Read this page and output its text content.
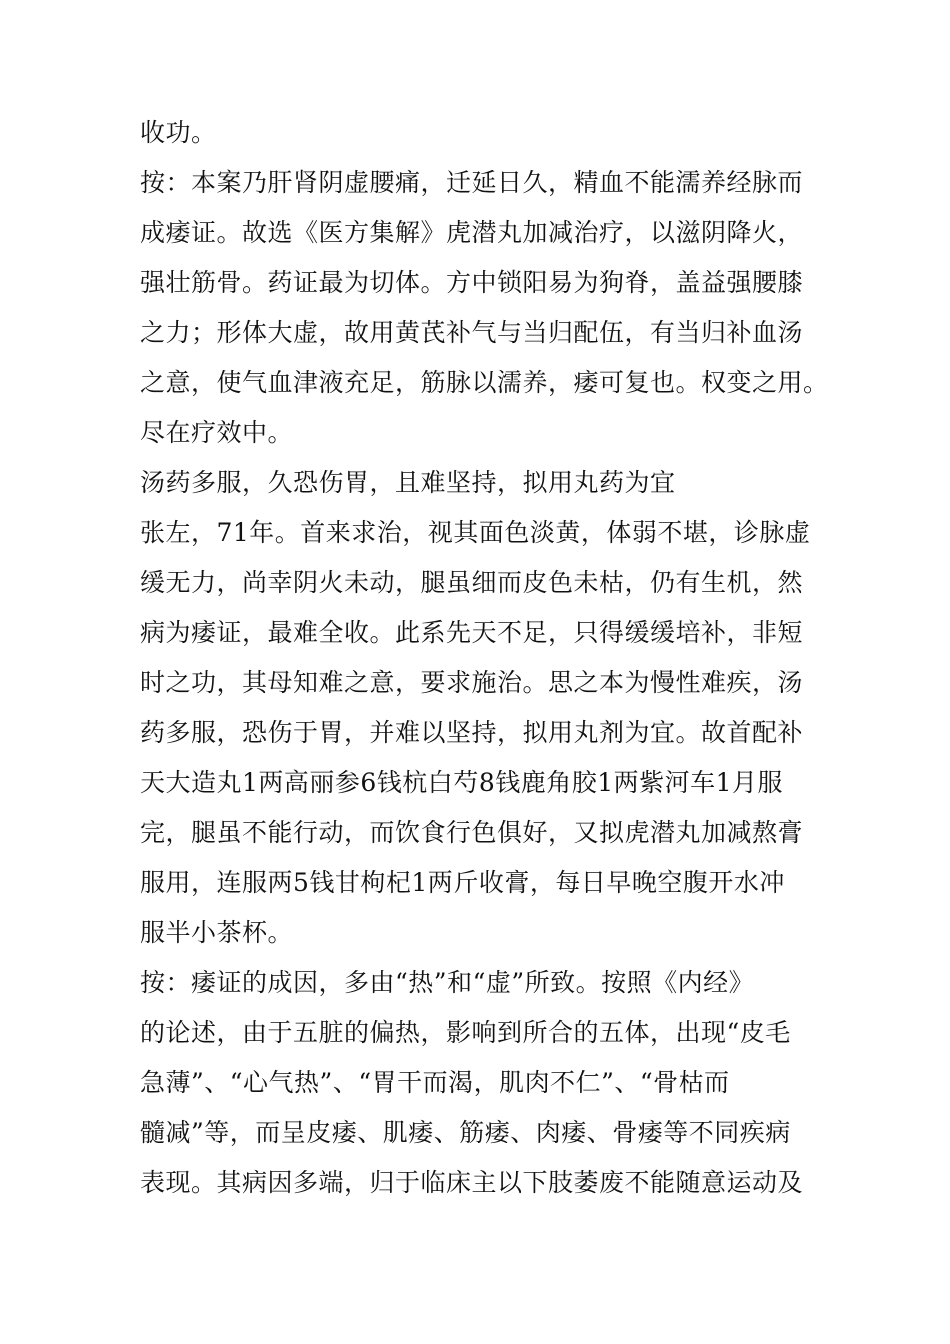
收功。
按：本案乃肝肾阴虚腰痛，迁延日久，精血不能濡养经脉而
成痿证。故选《医方集解》虎潜丸加减治疗，以滋阴降火，
强壮筋骨。药证最为切体。方中锁阳易为狗脊，盖益强腰膝
之力；形体大虚，故用黄芪补气与当归配伍，有当归补血汤
之意，使气血津液充足，筋脉以濡养，痿可复也。权变之用。
尽在疗效中。
汤药多服，久恐伤胃，且难坚持，拟用丸药为宜
张左，71年。首来求治，视其面色淡黄，体弱不堪，诊脉虚
缓无力，尚幸阴火未动，腿虽细而皮色未枯，仍有生机，然
病为痿证，最难全收。此系先天不足，只得缓缓培补，非短
时之功，其母知难之意，要求施治。思之本为慢性难疾，汤
药多服，恐伤于胃，并难以坚持，拟用丸剂为宜。故首配补
天大造丸1两高丽参6钱杭白芍8钱鹿角胶1两紫河车1月服
完，腿虽不能行动，而饮食行色俱好，又拟虎潜丸加减熬膏
服用，连服两5钱甘枸杞1两斤收膏，每日早晚空腹开水冲
服半小茶杯。
按：痿证的成因，多由“热”和“虚”所致。按照《内经》
的论述，由于五脏的偏热，影响到所合的五体，出现“皮毛
急薄”、“心气热”、“胃干而渴，肌肉不仁”、“骨枯而
髓减”等，而呈皮痿、肌痿、筋痿、肉痿、骨痿等不同疾病
表现。其病因多端，归于临床主以下肢萎废不能随意运动及
